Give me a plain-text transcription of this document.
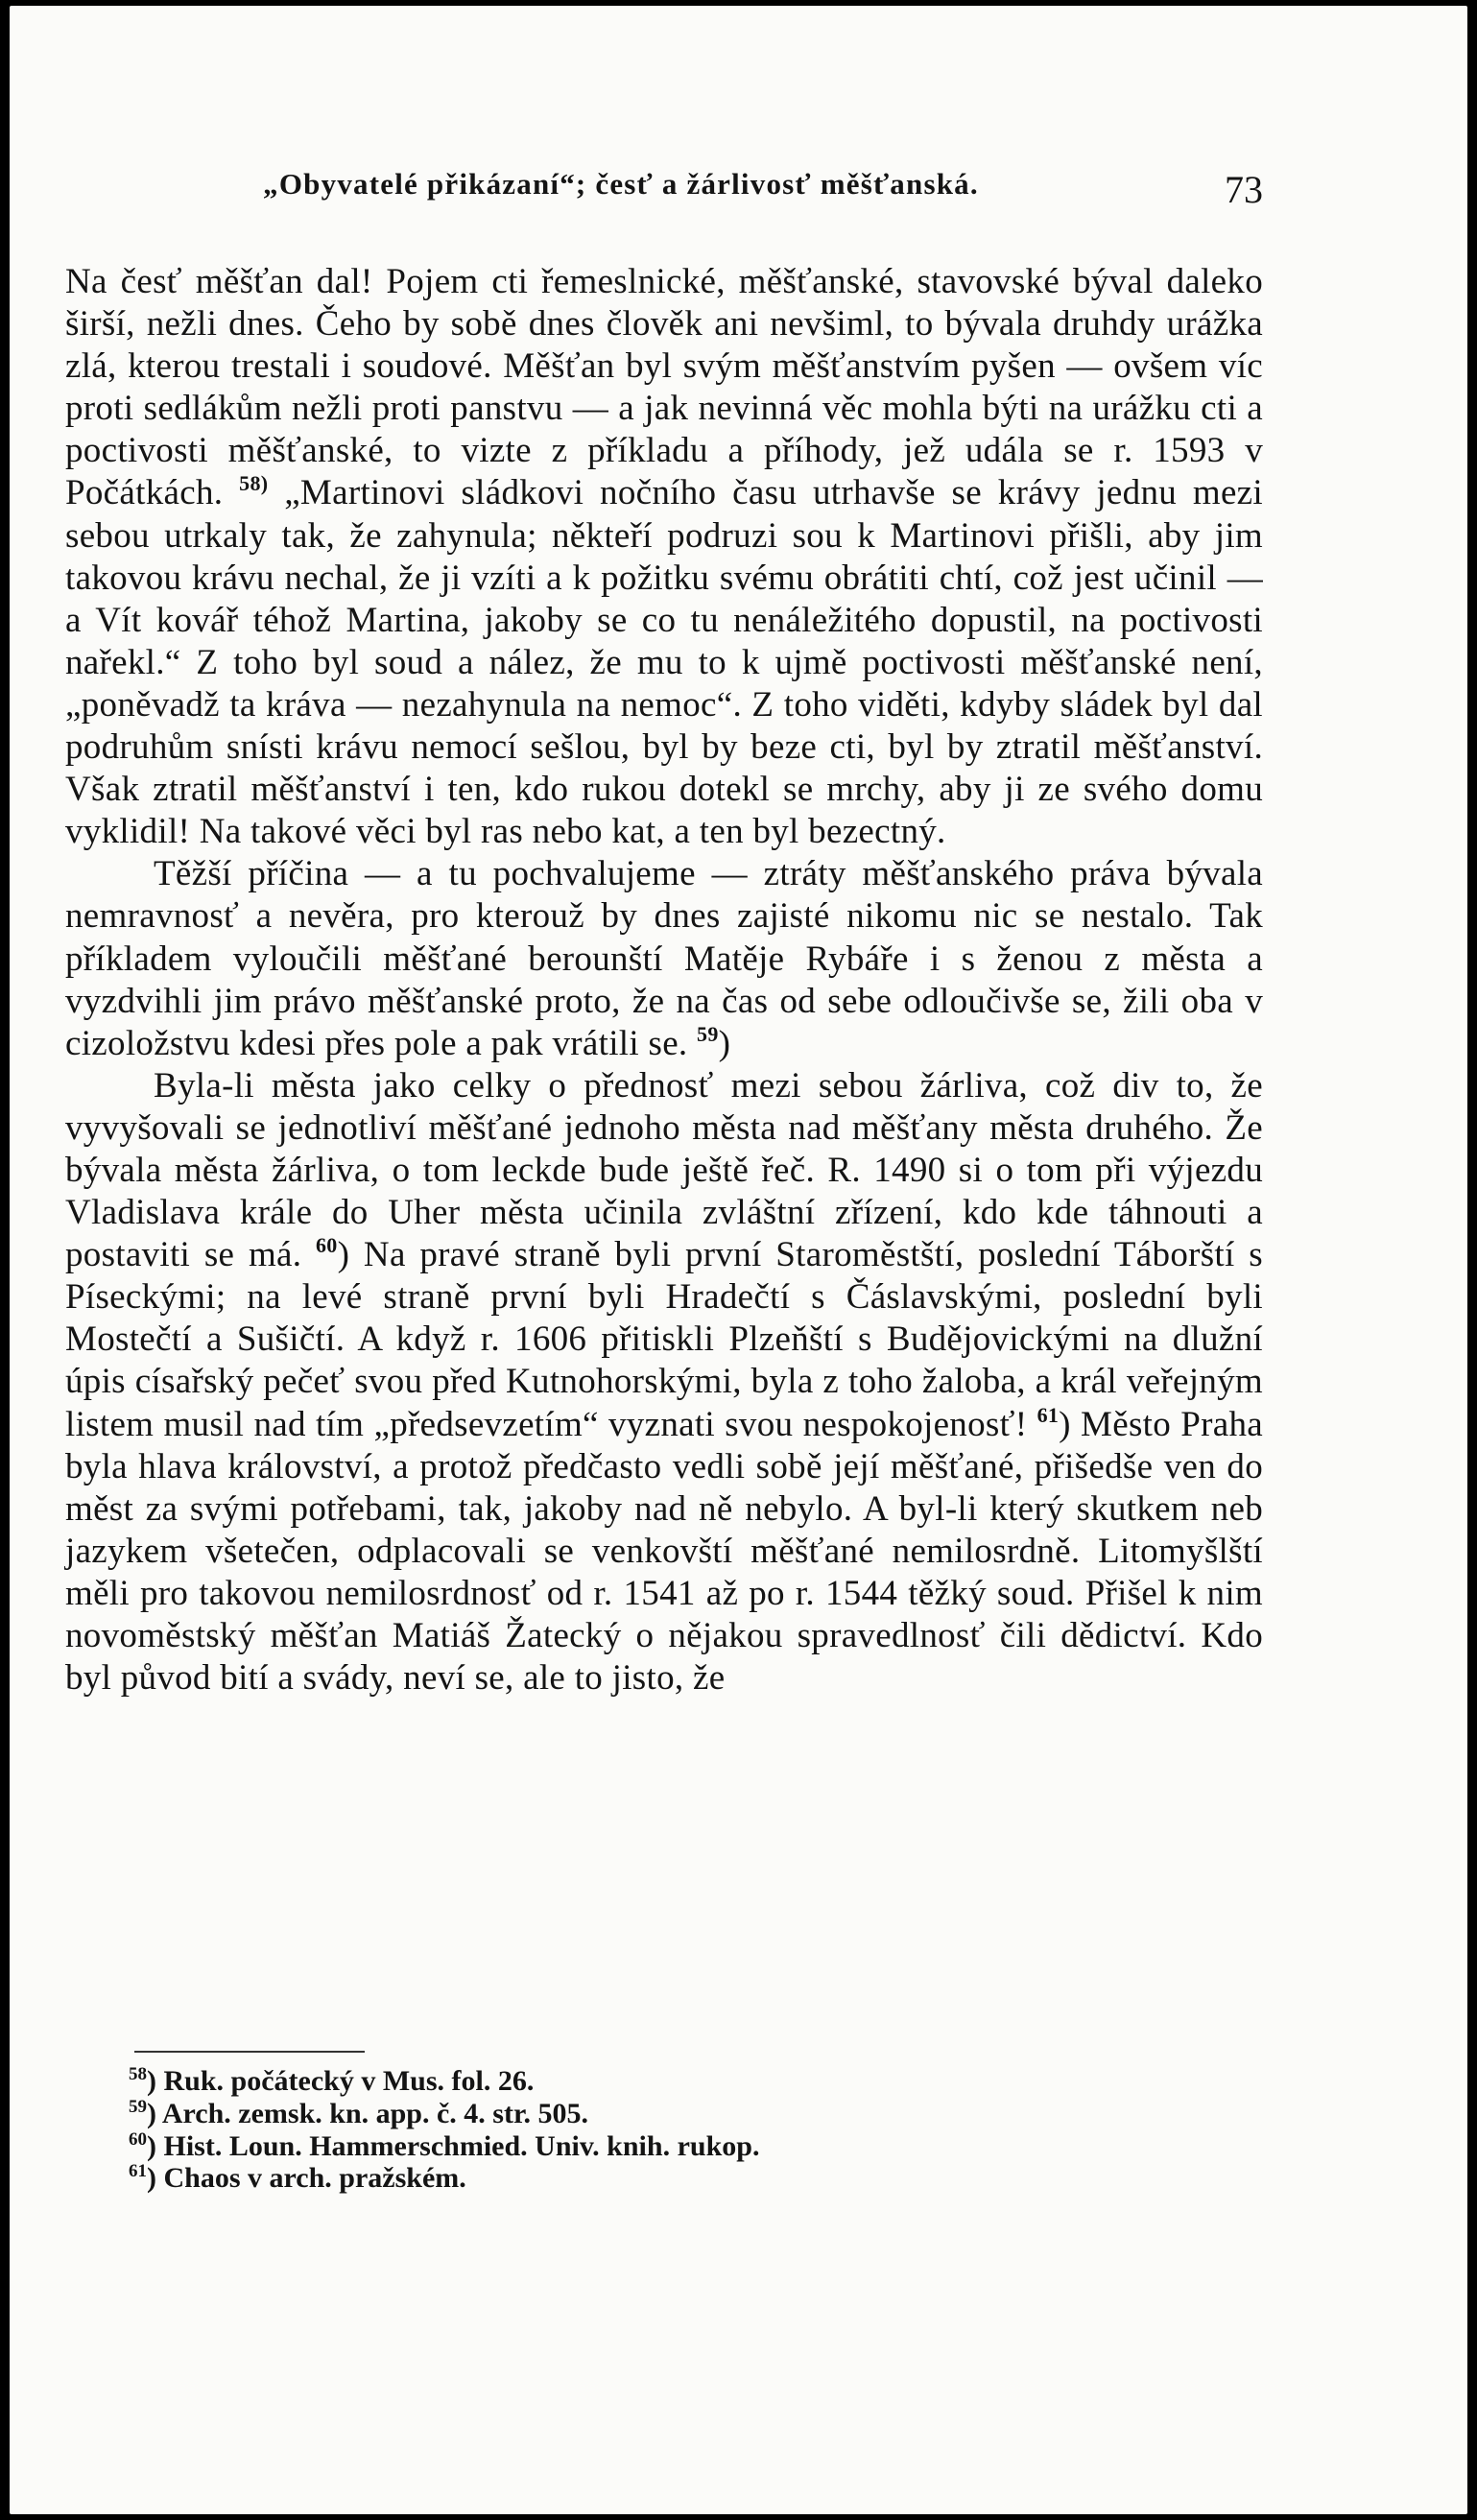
„Obyvatelé přikázaní“; česť a žárlivosť měšťanská.	73

Na česť měšťan dal! Pojem cti řemeslnické, měšťanské, stavovské býval daleko širší, nežli dnes. Čeho by sobě dnes člověk ani nevšiml, to bývala druhdy urážka zlá, kterou trestali i soudové. Měšťan byl svým měšťanstvím pyšen — ovšem víc proti sedlákům nežli proti panstvu — a jak nevinná věc mohla býti na urážku cti a poctivosti měšťanské, to vizte z příkladu a příhody, jež udála se r. 1593 v Počátkách. $^{58)}$ „Martinovi sládkovi nočního času utrhavše se krávy jednu mezi sebou utrkaly tak, že zahynula; někteří podruzi sou k Martinovi přišli, aby jim takovou krávu nechal, že ji vzíti a k požitku svému obrátiti chtí, což jest učinil — a Vít kovář téhož Martina, jakoby se co tu nenáležitého dopustil, na poctivosti nařekl.“ Z toho byl soud a nález, že mu to k ujmě poctivosti měšťanské není, „poněvadž ta kráva — nezahynula na nemoc“. Z toho viděti, kdyby sládek byl dal podruhům snísti krávu nemocí sešlou, byl by beze cti, byl by ztratil měšťanství. Však ztratil měšťanství i ten, kdo rukou dotekl se mrchy, aby ji ze svého domu vyklidil! Na takové věci byl ras nebo kat, a ten byl bezectný.

Těžší příčina — a tu pochvalujeme — ztráty měšťanského práva bývala nemravnosť a nevěra, pro kterouž by dnes zajisté nikomu nic se nestalo. Tak příkladem vyloučili měšťané berounští Matěje Rybáře i s ženou z města a vyzdvihli jim právo měšťanské proto, že na čas od sebe odloučivše se, žili oba v cizoložstvu kdesi přes pole a pak vrátili se. $^{59}$)

Byla-li města jako celky o přednosť mezi sebou žárliva, což div to, že vyvyšovali se jednotliví měšťané jednoho města nad měšťany města druhého. Že bývala města žárliva, o tom leckde bude ještě řeč. R. 1490 si o tom při výjezdu Vladislava krále do Uher města učinila zvláštní zřízení, kdo kde táhnouti a postaviti se má. $^{60}$) Na pravé straně byli první Staroměstští, poslední Táborští s Píseckými; na levé straně první byli Hradečtí s Čáslavskými, poslední byli Mostečtí a Sušičtí. A když r. 1606 přitiskli Plzeňští s Budějovickými na dlužní úpis císařský pečeť svou před Kutnohorskými, byla z toho žaloba, a král veřejným listem musil nad tím „předsevzetím“ vyznati svou nespokojenosť! $^{61}$) Město Praha byla hlava království, a protož předčasto vedli sobě její měšťané, přišedše ven do měst za svými potřebami, tak, jakoby nad ně nebylo. A byl-li který skutkem neb jazykem všetečen, odplacovali se venkovští měšťané nemilosrdně. Litomyšlští měli pro takovou nemilosrdnosť od r. 1541 až po r. 1544 těžký soud. Přišel k nim novoměstský měšťan Matiáš Žatecký o nějakou spravedlnosť čili dědictví. Kdo byl původ bití a svády, neví se, ale to jisto, že

$^{58}$) Ruk. počátecký v Mus. fol. 26.
$^{59}$) Arch. zemsk. kn. app. č. 4. str. 505.
$^{60}$) Hist. Loun. Hammerschmied. Univ. knih. rukop.
$^{61}$) Chaos v arch. pražském.
